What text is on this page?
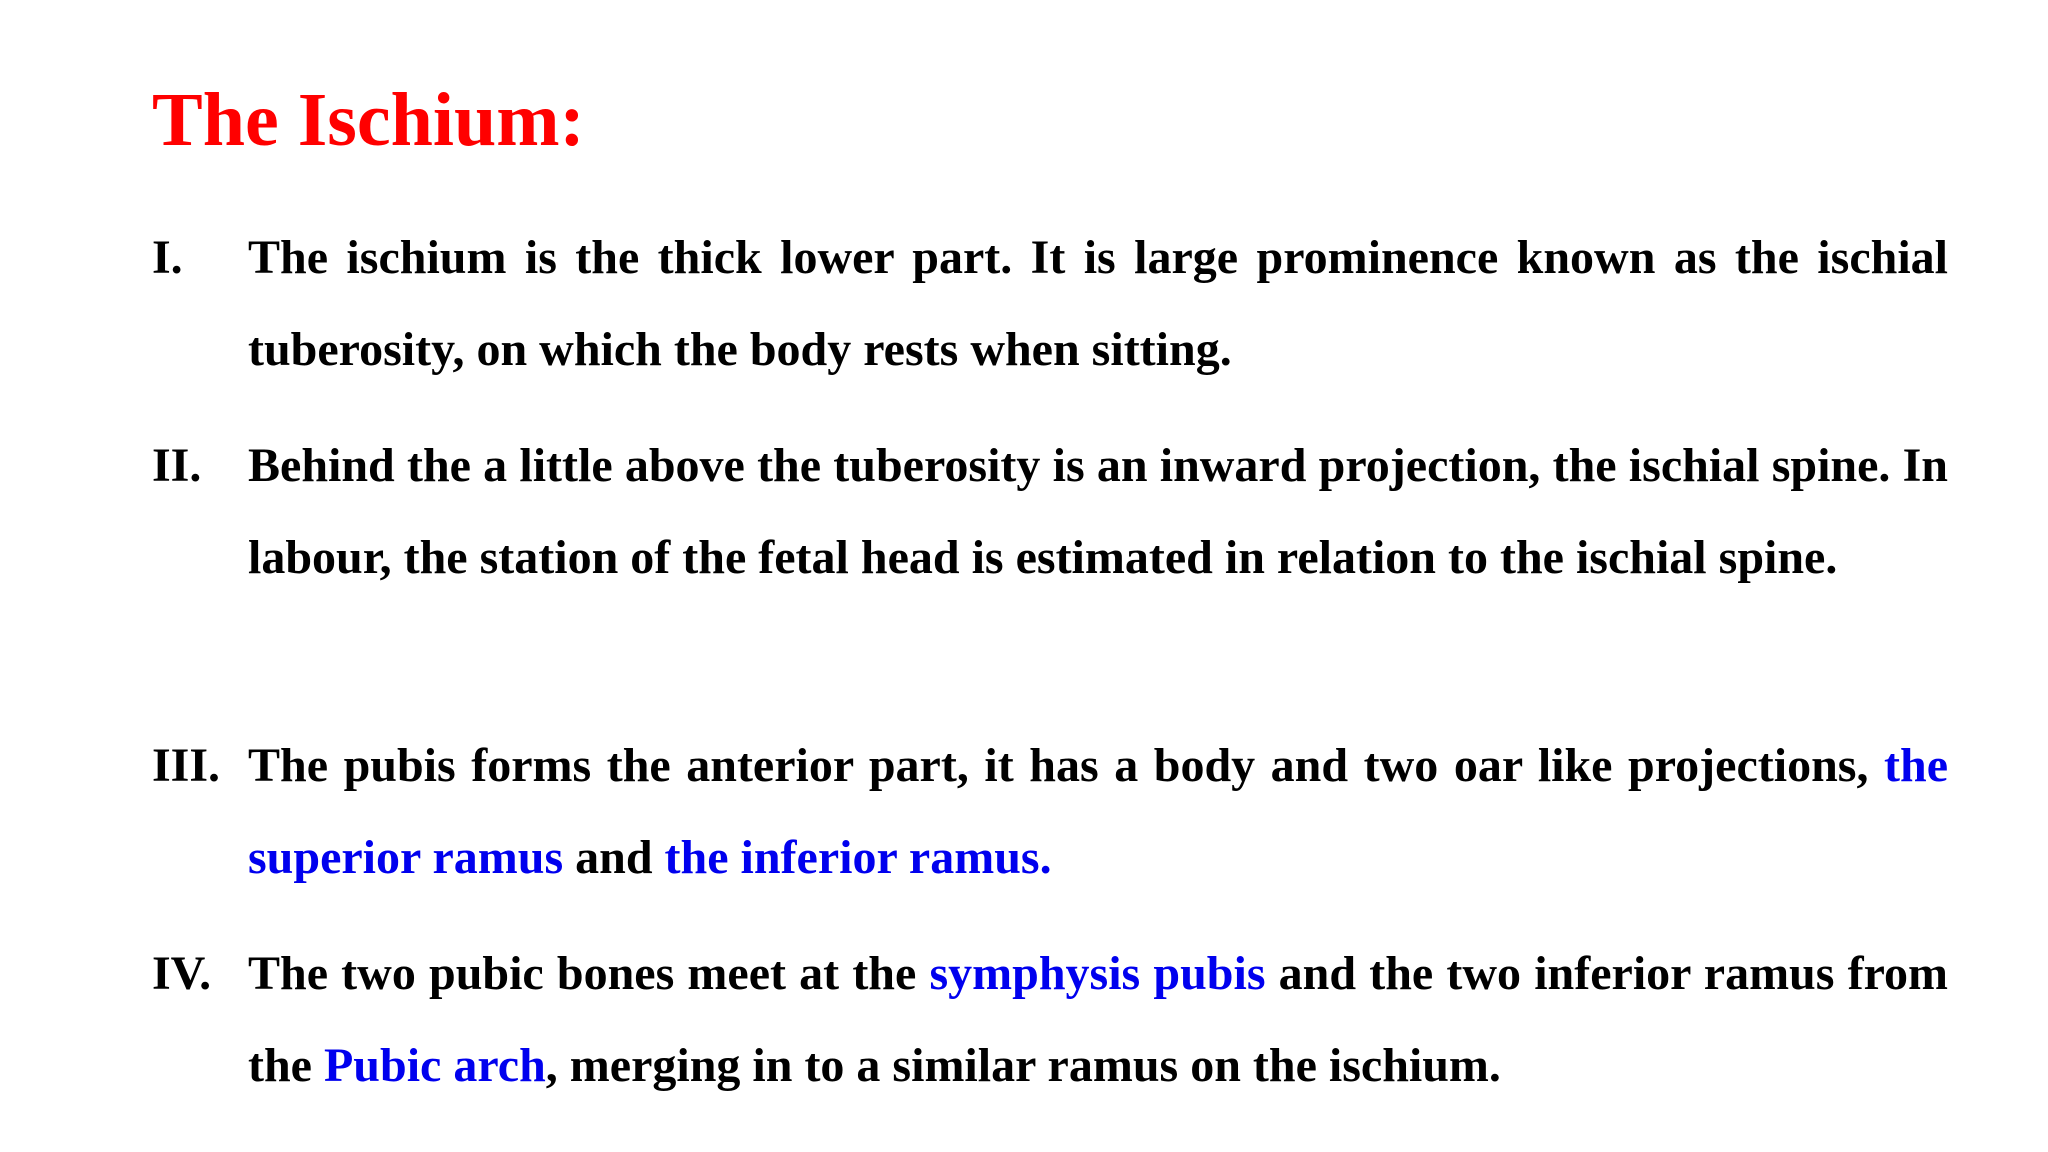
The Ischium:
I. The ischium is the thick lower part. It is large prominence known as the ischial tuberosity, on which the body rests when sitting.

II. Behind the a little above the tuberosity is an inward projection, the ischial spine. In labour, the station of the fetal head is estimated in relation to the ischial spine.

III. The pubis forms the anterior part, it has a body and two oar like projections, the superior ramus and the inferior ramus.

IV. The two pubic bones meet at the symphysis pubis and the two inferior ramus from the Pubic arch, merging in to a similar ramus on the ischium.
